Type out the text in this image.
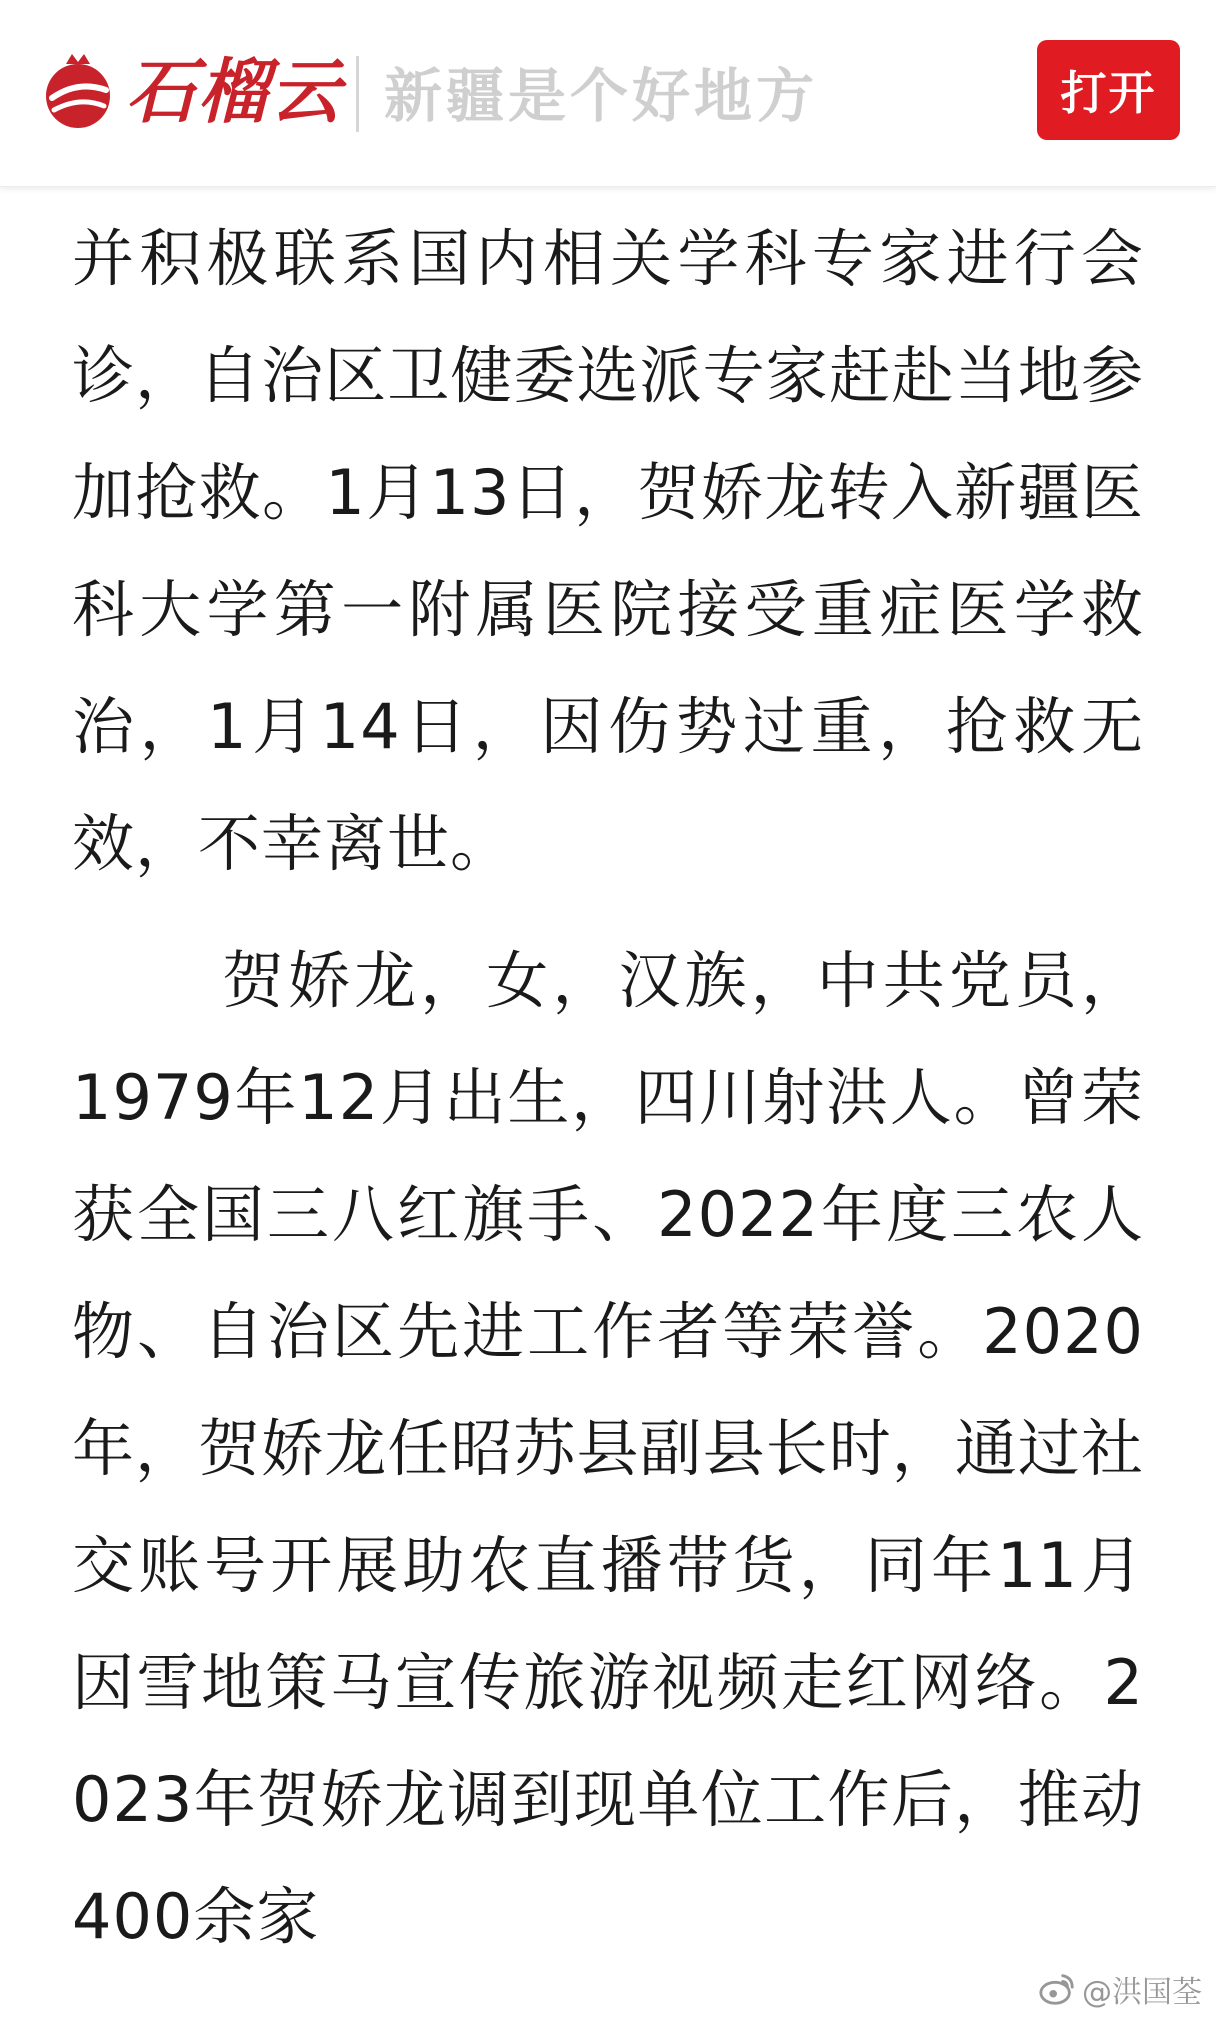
石榴云 新疆是个好地方	打开

并积极联系国内相关学科专家进行会诊，自治区卫健委选派专家赶赴当地参加抢救。1月13日，贺娇龙转入新疆医科大学第一附属医院接受重症医学救治，1月14日，因伤势过重，抢救无效，不幸离世。

贺娇龙，女，汉族，中共党员，1979年12月出生，四川射洪人。曾荣获全国三八红旗手、2022年度三农人物、自治区先进工作者等荣誉。2020年，贺娇龙任昭苏县副县长时，通过社交账号开展助农直播带货，同年11月因雪地策马宣传旅游视频走红网络。2023年贺娇龙调到现单位工作后，推动400余家

@洪国荃
